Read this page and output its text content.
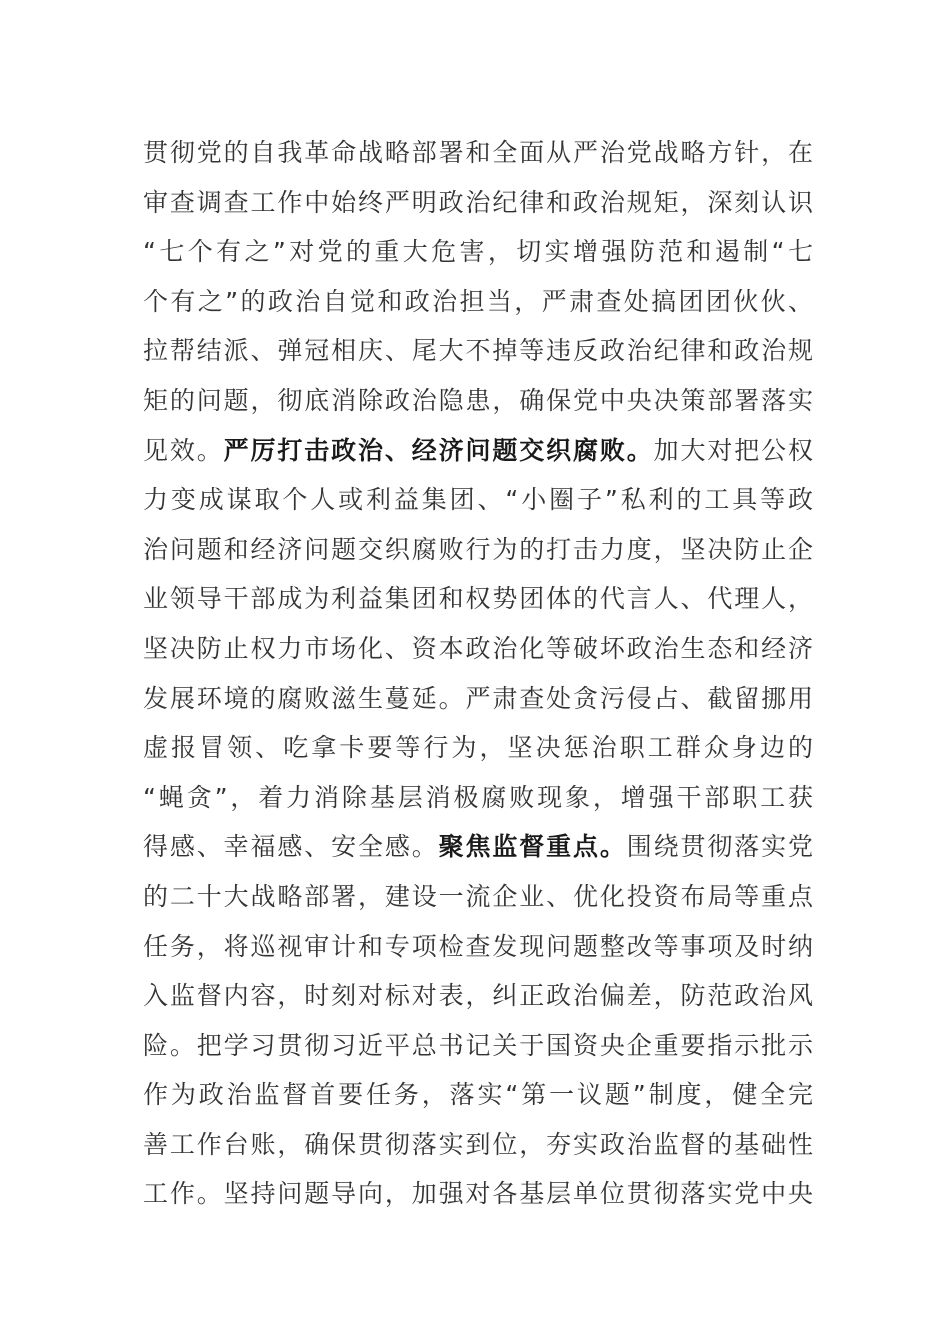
贯彻党的自我革命战略部署和全面从严治党战略方针，在
审查调查工作中始终严明政治纪律和政治规矩，深刻认识
“七个有之”对党的重大危害，切实增强防范和遏制“七
个有之”的政治自觉和政治担当，严肃查处搞团团伙伙、
拉帮结派、弹冠相庆、尾大不掉等违反政治纪律和政治规
矩的问题，彻底消除政治隐患，确保党中央决策部署落实
见效。严厉打击政治、经济问题交织腐败。加大对把公权
力变成谋取个人或利益集团、“小圈子”私利的工具等政
治问题和经济问题交织腐败行为的打击力度，坚决防止企
业领导干部成为利益集团和权势团体的代言人、代理人，
坚决防止权力市场化、资本政治化等破坏政治生态和经济
发展环境的腐败滋生蔓延。严肃查处贪污侵占、截留挪用
虚报冒领、吃拿卡要等行为，坚决惩治职工群众身边的
“蝇贪”，着力消除基层消极腐败现象，增强干部职工获
得感、幸福感、安全感。聚焦监督重点。围绕贯彻落实党
的二十大战略部署，建设一流企业、优化投资布局等重点
任务，将巡视审计和专项检查发现问题整改等事项及时纳
入监督内容，时刻对标对表，纠正政治偏差，防范政治风
险。把学习贯彻习近平总书记关于国资央企重要指示批示
作为政治监督首要任务，落实“第一议题”制度，健全完
善工作台账，确保贯彻落实到位，夯实政治监督的基础性
工作。坚持问题导向，加强对各基层单位贯彻落实党中央
